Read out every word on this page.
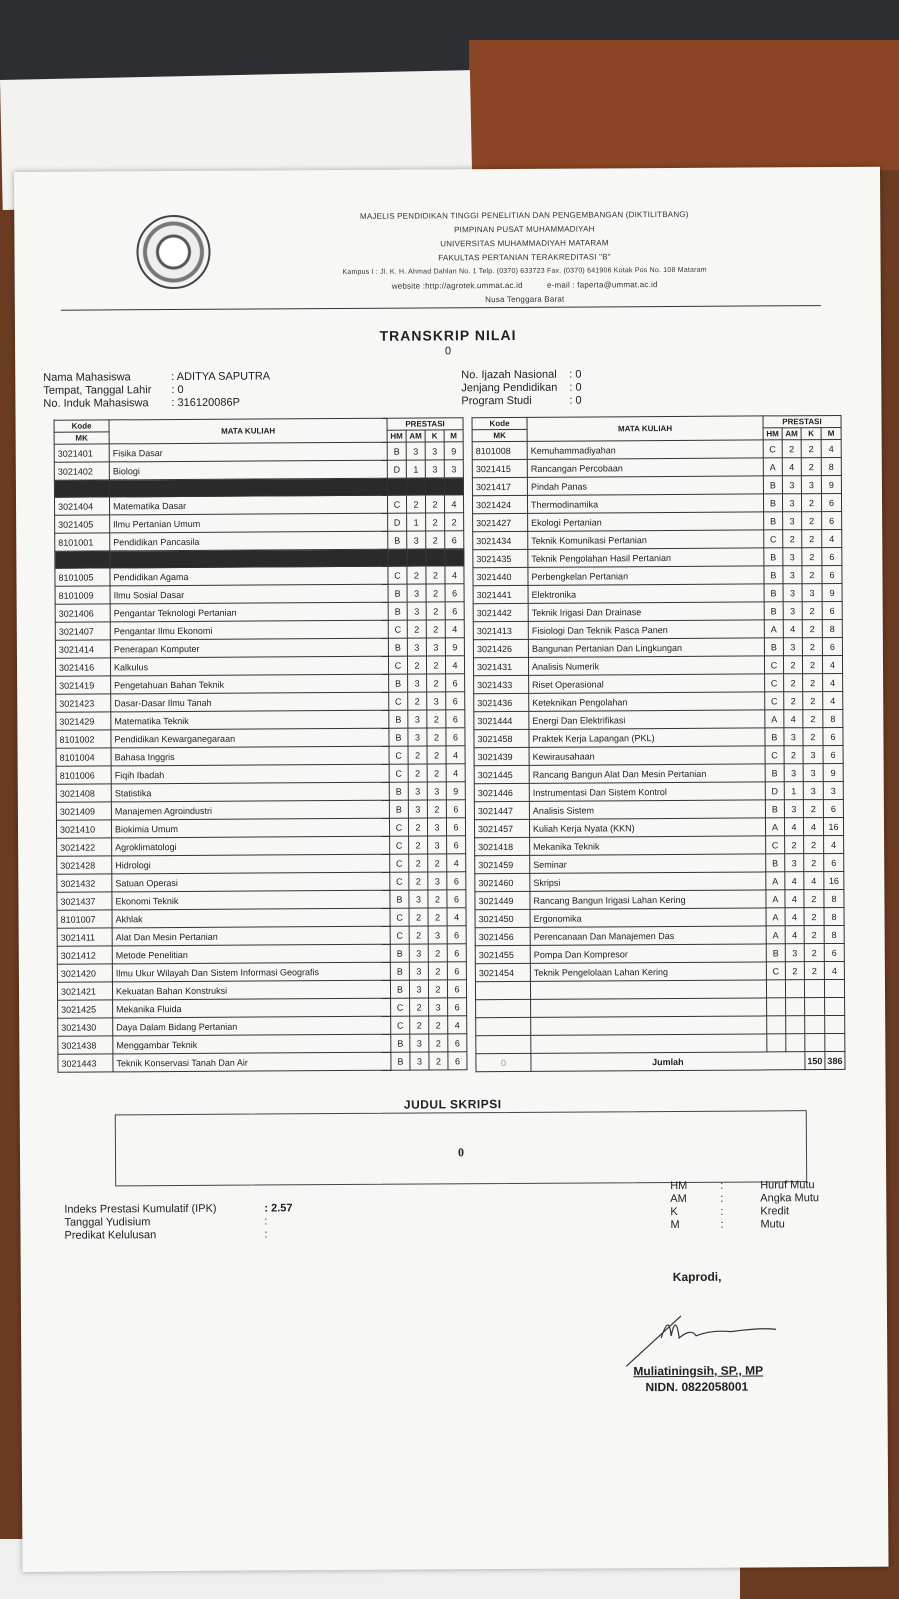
MAJELIS PENDIDIKAN TINGGI PENELITIAN DAN PENGEMBANGAN (DIKTILITBANG)
PIMPINAN PUSAT MUHAMMADIYAH
UNIVERSITAS MUHAMMADIYAH MATARAM
FAKULTAS PERTANIAN TERAKREDITASI "B"
Kampus I : Jl. K. H. Ahmad Dahlan No. 1 Telp. (0370) 633723 Fax. (0370) 641906 Kotak Pos No. 108 Mataram
website :http://agrotek.ummat.ac.id          e-mail : faperta@ummat.ac.id
Nusa Tenggara Barat
TRANSKRIP NILAI
0
Nama Mahasiswa	: ADITYA SAPUTRA
Tempat, Tanggal Lahir	: 0
No. Induk Mahasiswa	: 316120086P
No. Ijazah Nasional	: 0
Jenjang Pendidikan	: 0
Program Studi	: 0
Kode	MATA KULIAH	PRESTASI			
MK		HM	AM	K	M
3021401	Fisika Dasar	B	3	3	9
3021402	Biologi	D	1	3	3

3021404	Matematika Dasar	C	2	2	4
3021405	Ilmu Pertanian Umum	D	1	2	2
8101001	Pendidikan Pancasila	B	3	2	6

8101005	Pendidikan Agama	C	2	2	4
8101009	Ilmu Sosial Dasar	B	3	2	6
3021406	Pengantar Teknologi Pertanian	B	3	2	6
3021407	Pengantar Ilmu Ekonomi	C	2	2	4
3021414	Penerapan Komputer	B	3	3	9
3021416	Kalkulus	C	2	2	4
3021419	Pengetahuan Bahan Teknik	B	3	2	6
3021423	Dasar-Dasar Ilmu Tanah	C	2	3	6
3021429	Matematika Teknik	B	3	2	6
8101002	Pendidikan Kewarganegaraan	B	3	2	6
8101004	Bahasa Inggris	C	2	2	4
8101006	Fiqih Ibadah	C	2	2	4
3021408	Statistika	B	3	3	9
3021409	Manajemen Agroindustri	B	3	2	6
3021410	Biokimia Umum	C	2	3	6
3021422	Agroklimatologi	C	2	3	6
3021428	Hidrologi	C	2	2	4
3021432	Satuan Operasi	C	2	3	6
3021437	Ekonomi Teknik	B	3	2	6
8101007	Akhlak	C	2	2	4
3021411	Alat Dan Mesin Pertanian	C	2	3	6
3021412	Metode Penelitian	B	3	2	6
3021420	Ilmu Ukur Wilayah Dan Sistem Informasi Geografis	B	3	2	6
3021421	Kekuatan Bahan Konstruksi	B	3	2	6
3021425	Mekanika Fluida	C	2	3	6
3021430	Daya Dalam Bidang Pertanian	C	2	2	4
3021438	Menggambar Teknik	B	3	2	6
3021443	Teknik Konservasi Tanah Dan Air	B	3	2	6
Kode	MATA KULIAH	PRESTASI			
MK		HM	AM	K	M
8101008	Kemuhammadiyahan	C	2	2	4
3021415	Rancangan Percobaan	A	4	2	8
3021417	Pindah Panas	B	3	3	9
3021424	Thermodinamika	B	3	2	6
3021427	Ekologi Pertanian	B	3	2	6
3021434	Teknik Komunikasi Pertanian	C	2	2	4
3021435	Teknik Pengolahan Hasil Pertanian	B	3	2	6
3021440	Perbengkelan Pertanian	B	3	2	6
3021441	Elektronika	B	3	3	9
3021442	Teknik Irigasi Dan Drainase	B	3	2	6
3021413	Fisiologi Dan Teknik Pasca Panen	A	4	2	8
3021426	Bangunan Pertanian Dan Lingkungan	B	3	2	6
3021431	Analisis Numerik	C	2	2	4
3021433	Riset Operasional	C	2	2	4
3021436	Keteknikan Pengolahan	C	2	2	4
3021444	Energi Dan Elektrifikasi	A	4	2	8
3021458	Praktek Kerja Lapangan (PKL)	B	3	2	6
3021439	Kewirausahaan	C	2	3	6
3021445	Rancang Bangun Alat Dan Mesin Pertanian	B	3	3	9
3021446	Instrumentasi Dan Sistem Kontrol	D	1	3	3
3021447	Analisis Sistem	B	3	2	6
3021457	Kuliah Kerja Nyata (KKN)	A	4	4	16
3021418	Mekanika Teknik	C	2	2	4
3021459	Seminar	B	3	2	6
3021460	Skripsi	A	4	4	16
3021449	Rancang Bangun Irigasi Lahan Kering	A	4	2	8
3021450	Ergonomika	A	4	2	8
3021456	Perencanaan Dan Manajemen Das	A	4	2	8
3021455	Pompa Dan Kompresor	B	3	2	6
3021454	Teknik Pengelolaan Lahan Kering	C	2	2	4

0	Jumlah			150	386
JUDUL SKRIPSI
0
HM	:	Huruf Mutu
AM	:	Angka Mutu
K	:	Kredit
M	:	Mutu
Indeks Prestasi Kumulatif (IPK)	: 2.57
Tanggal Yudisium	:
Predikat Kelulusan	:
Kaprodi,
Muliatiningsih, SP., MP
NIDN. 0822058001
